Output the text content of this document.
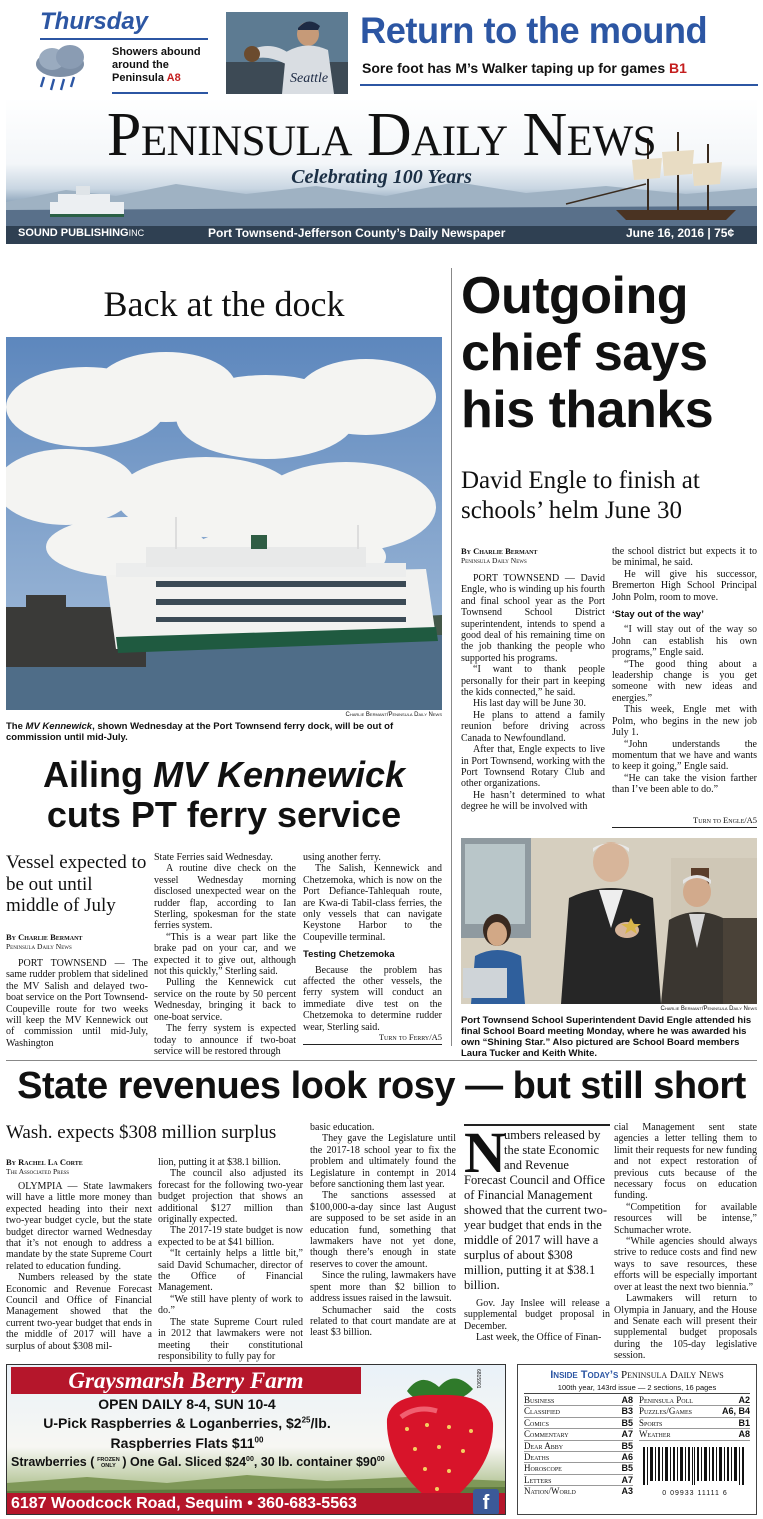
Thursday
Showers abound around the Peninsula A8	Seattle
Return to the mound
Sore foot has M’s Walker taping up for games B1
Peninsula Daily News
Celebrating 100 Years
SOUND PUBLISHINGINC	Port Townsend-Jefferson County’s Daily Newspaper	June 16, 2016 | 75¢
Back at the dock
Charlie Bermant/Peninsula Daily News
The MV Kennewick, shown Wednesday at the Port Townsend ferry dock, will be out of commission until mid-July.
Ailing MV Kennewick
cuts PT ferry service
Vessel expected to be out until middle of July
By Charlie Bermant
Peninsula Daily News

PORT TOWNSEND — The same rudder problem that sidelined the MV Salish and delayed two-boat service on the Port Townsend-Coupeville route for two weeks will keep the MV Kennewick out of commission until mid-July, Washington

State Ferries said Wednesday.

A routine dive check on the vessel Wednesday morning disclosed unexpected wear on the rudder flap, according to Ian Sterling, spokesman for the state ferries system.

“This is a wear part like the brake pad on your car, and we expected it to give out, although not this quickly,” Sterling said.

Pulling the Kennewick cut service on the route by 50 percent Wednesday, bringing it back to one-boat service.

The ferry system is expected today to announce if two-boat service will be restored through

using another ferry.

The Salish, Kennewick and Chetzemoka, which is now on the Port Defiance-Tahlequah route, are Kwa-di Tabil-class ferries, the only vessels that can navigate Keystone Harbor to the Coupeville terminal.

Testing Chetzemoka

Because the problem has affected the other vessels, the ferry system will conduct an immediate dive test on the Chetzemoka to determine rudder wear, Sterling said.

Turn to Ferry/A5
Outgoing chief says his thanks
David Engle to finish at schools’ helm June 30
By Charlie Bermant
Peninsula Daily News

PORT TOWNSEND — David Engle, who is winding up his fourth and final school year as the Port Townsend School District superintendent, intends to spend a good deal of his remaining time on the job thanking the people who supported his programs.

“I want to thank people personally for their part in keeping the kids connected,” he said.

His last day will be June 30.

He plans to attend a family reunion before driving across Canada to Newfoundland.

After that, Engle expects to live in Port Townsend, working with the Port Townsend Rotary Club and other organizations.

He hasn’t determined to what degree he will be involved with

the school district but expects it to be minimal, he said.

He will give his successor, Bremerton High School Principal John Polm, room to move.

‘Stay out of the way’

“I will stay out of the way so John can establish his own programs,” Engle said.

“The good thing about a leadership change is you get someone with new ideas and energies.”

This week, Engle met with Polm, who begins in the new job July 1.

“John understands the momentum that we have and wants to keep it going,” Engle said.

“He can take the vision farther than I’ve been able to do.”

Turn to Engle/A5
Charlie Bermant/Peninsula Daily News
Port Townsend School Superintendent David Engle attended his final School Board meeting Monday, where he was awarded his own “Shining Star.” Also pictured are School Board members Laura Tucker and Keith White.
State revenues look rosy — but still short
Wash. expects $308 million surplus
By Rachel La Corte
The Associated Press

OLYMPIA — State lawmakers will have a little more money than expected heading into their next two-year budget cycle, but the state budget director warned Wednesday that it’s not enough to address a mandate by the state Supreme Court related to education funding.

Numbers released by the state Economic and Revenue Forecast Council and Office of Financial Management showed that the current two-year budget that ends in the middle of 2017 will have a surplus of about $308 mil-

lion, putting it at $38.1 billion.

The council also adjusted its forecast for the following two-year budget projection that shows an additional $127 million than originally expected.

The 2017-19 state budget is now expected to be at $41 billion.

“It certainly helps a little bit,” said David Schumacher, director of the Office of Financial Management.

“We still have plenty of work to do.”

The state Supreme Court ruled in 2012 that lawmakers were not meeting their constitutional responsibility to fully pay for

basic education.

They gave the Legislature until the 2017-18 school year to fix the problem and ultimately found the Legislature in contempt in 2014 before sanctioning them last year.

The sanctions assessed at $100,000-a-day since last August are supposed to be set aside in an education fund, something that lawmakers have not yet done, though there’s enough in state reserves to cover the amount.

Since the ruling, lawmakers have spent more than $2 billion to address issues raised in the lawsuit.

Schumacher said the costs related to that court mandate are at least $3 billion.

N
umbers released by the state Economic and Revenue Forecast Council and Office of Financial Management showed that the current two-year budget that ends in the middle of 2017 will have a surplus of about $308 million, putting it at $38.1 billion.

Gov. Jay Inslee will release a supplemental budget proposal in December.

Last week, the Office of Finan-

cial Management sent state agencies a letter telling them to limit their requests for new funding and not expect restoration of previous cuts because of the necessary focus on education funding.

“Competition for available resources will be intense,” Schumacher wrote.

“While agencies should always strive to reduce costs and find new ways to save resources, these efforts will be especially important over at least the next two biennia.”

Lawmakers will return to Olympia in January, and the House and Senate each will present their supplemental budget proposals during the 105-day legislative session.

Graysmarsh Berry Farm
OPEN DAILY 8-4, SUN 10-4
U-Pick Raspberries & Loganberries, $\$2^{25}/lb$.
Raspberries Flats $\$11^{00}$
Strawberries ( FROZEN ONLY ) One Gal. Sliced $\$24^{00}$, 30 lb. container $\$90^{00}$
6815901
6187 Woodcock Road, Sequim • 360-683-5563	f
Inside Today’s Peninsula Daily News
100th year, 143rd issue — 2 sections, 16 pages
Business	A8
Classified	B3
Comics	B5
Commentary	A7
Dear Abby	B5
Deaths	A6
Horoscope	B5
Letters	A7
Nation/World	A3
Peninsula Poll	A2
Puzzles/Games	A6, B4
Sports	B1
Weather	A8
0 09933 11111 6
